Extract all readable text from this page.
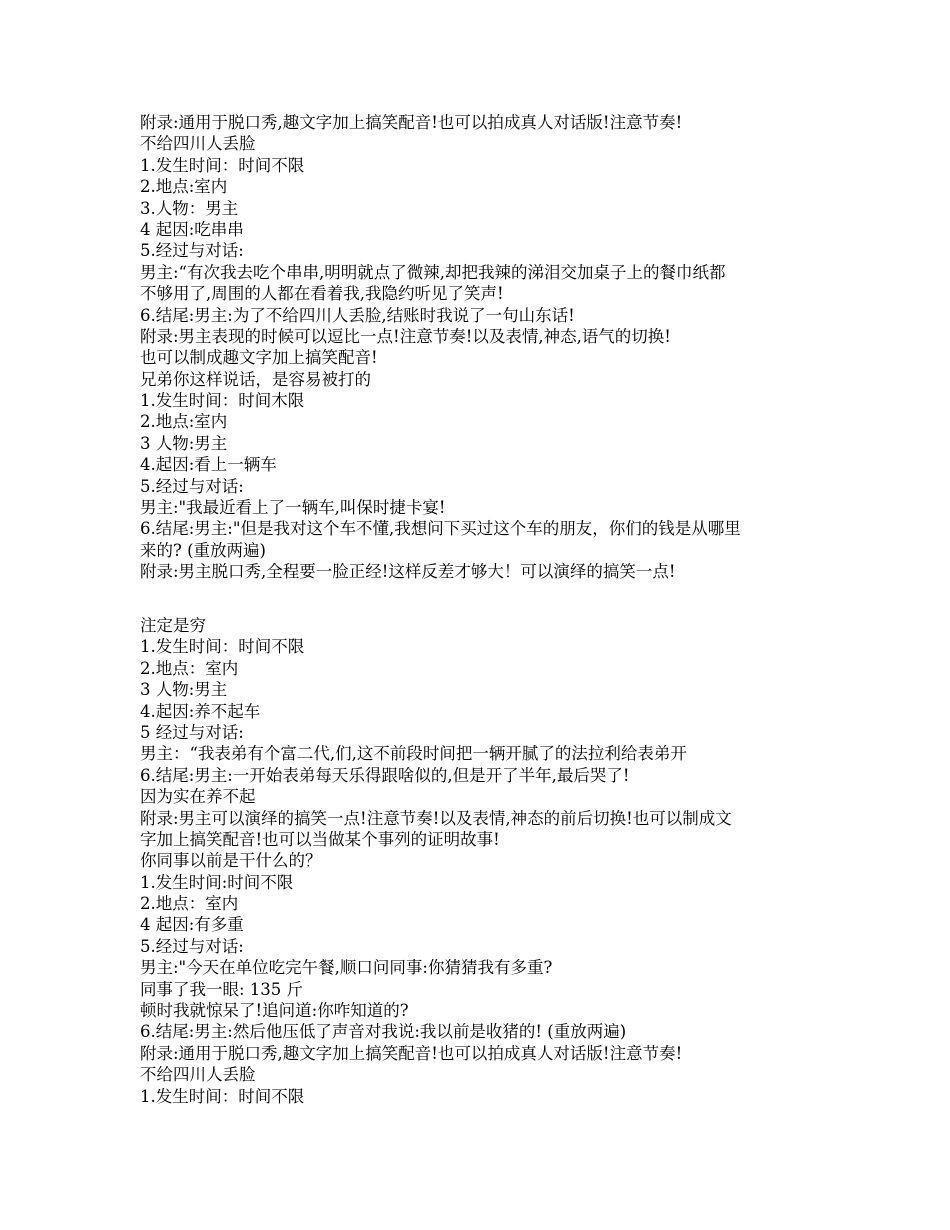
附录:通用于脱口秀,趣文字加上搞笑配音!也可以拍成真人对话版!注意节奏!
不给四川人丢脸
1.发生时间：时间不限
2.地点:室内
3.人物：男主
4 起因:吃串串
5.经过与对话:
男主:“有次我去吃个串串,明明就点了微辣,却把我辣的涕泪交加桌子上的餐巾纸都
不够用了,周围的人都在看着我,我隐约听见了笑声!
6.结尾:男主:为了不给四川人丢脸,结账时我说了一句山东话!
附录:男主表现的时候可以逗比一点!注意节奏!以及表情,神态,语气的切换!
也可以制成趣文字加上搞笑配音!
兄弟你这样说话，是容易被打的
1.发生时间：时间木限
2.地点:室内
3 人物:男主
4.起因:看上一辆车
5.经过与对话:
男主:"我最近看上了一辆车,叫保时捷卡宴!
6.结尾:男主:"但是我对这个车不懂,我想问下买过这个车的朋友，你们的钱是从哪里
来的? (重放两遍)
附录:男主脱口秀,全程要一脸正经!这样反差才够大！可以演绎的搞笑一点!
注定是穷
1.发生时间：时间不限
2.地点：室内
3 人物:男主
4.起因:养不起车
5 经过与对话:
男主：“我表弟有个富二代,们,这不前段时间把一辆开腻了的法拉利给表弟开
6.结尾:男主:一开始表弟每天乐得跟啥似的,但是开了半年,最后哭了!
因为实在养不起
附录:男主可以演绎的搞笑一点!注意节奏!以及表情,神态的前后切换!也可以制成文
字加上搞笑配音!也可以当做某个事列的证明故事!
你同事以前是干什么的？
1.发生时间:时间不限
2.地点：室内
4 起因:有多重
5.经过与对话:
男主:"今天在单位吃完午餐,顺口问同事:你猜猜我有多重?
同事了我一眼: 135 斤
顿时我就惊呆了!追问道:你咋知道的?
6.结尾:男主:然后他压低了声音对我说:我以前是收猪的! (重放两遍)
附录:通用于脱口秀,趣文字加上搞笑配音!也可以拍成真人对话版!注意节奏!
不给四川人丢脸
1.发生时间：时间不限
